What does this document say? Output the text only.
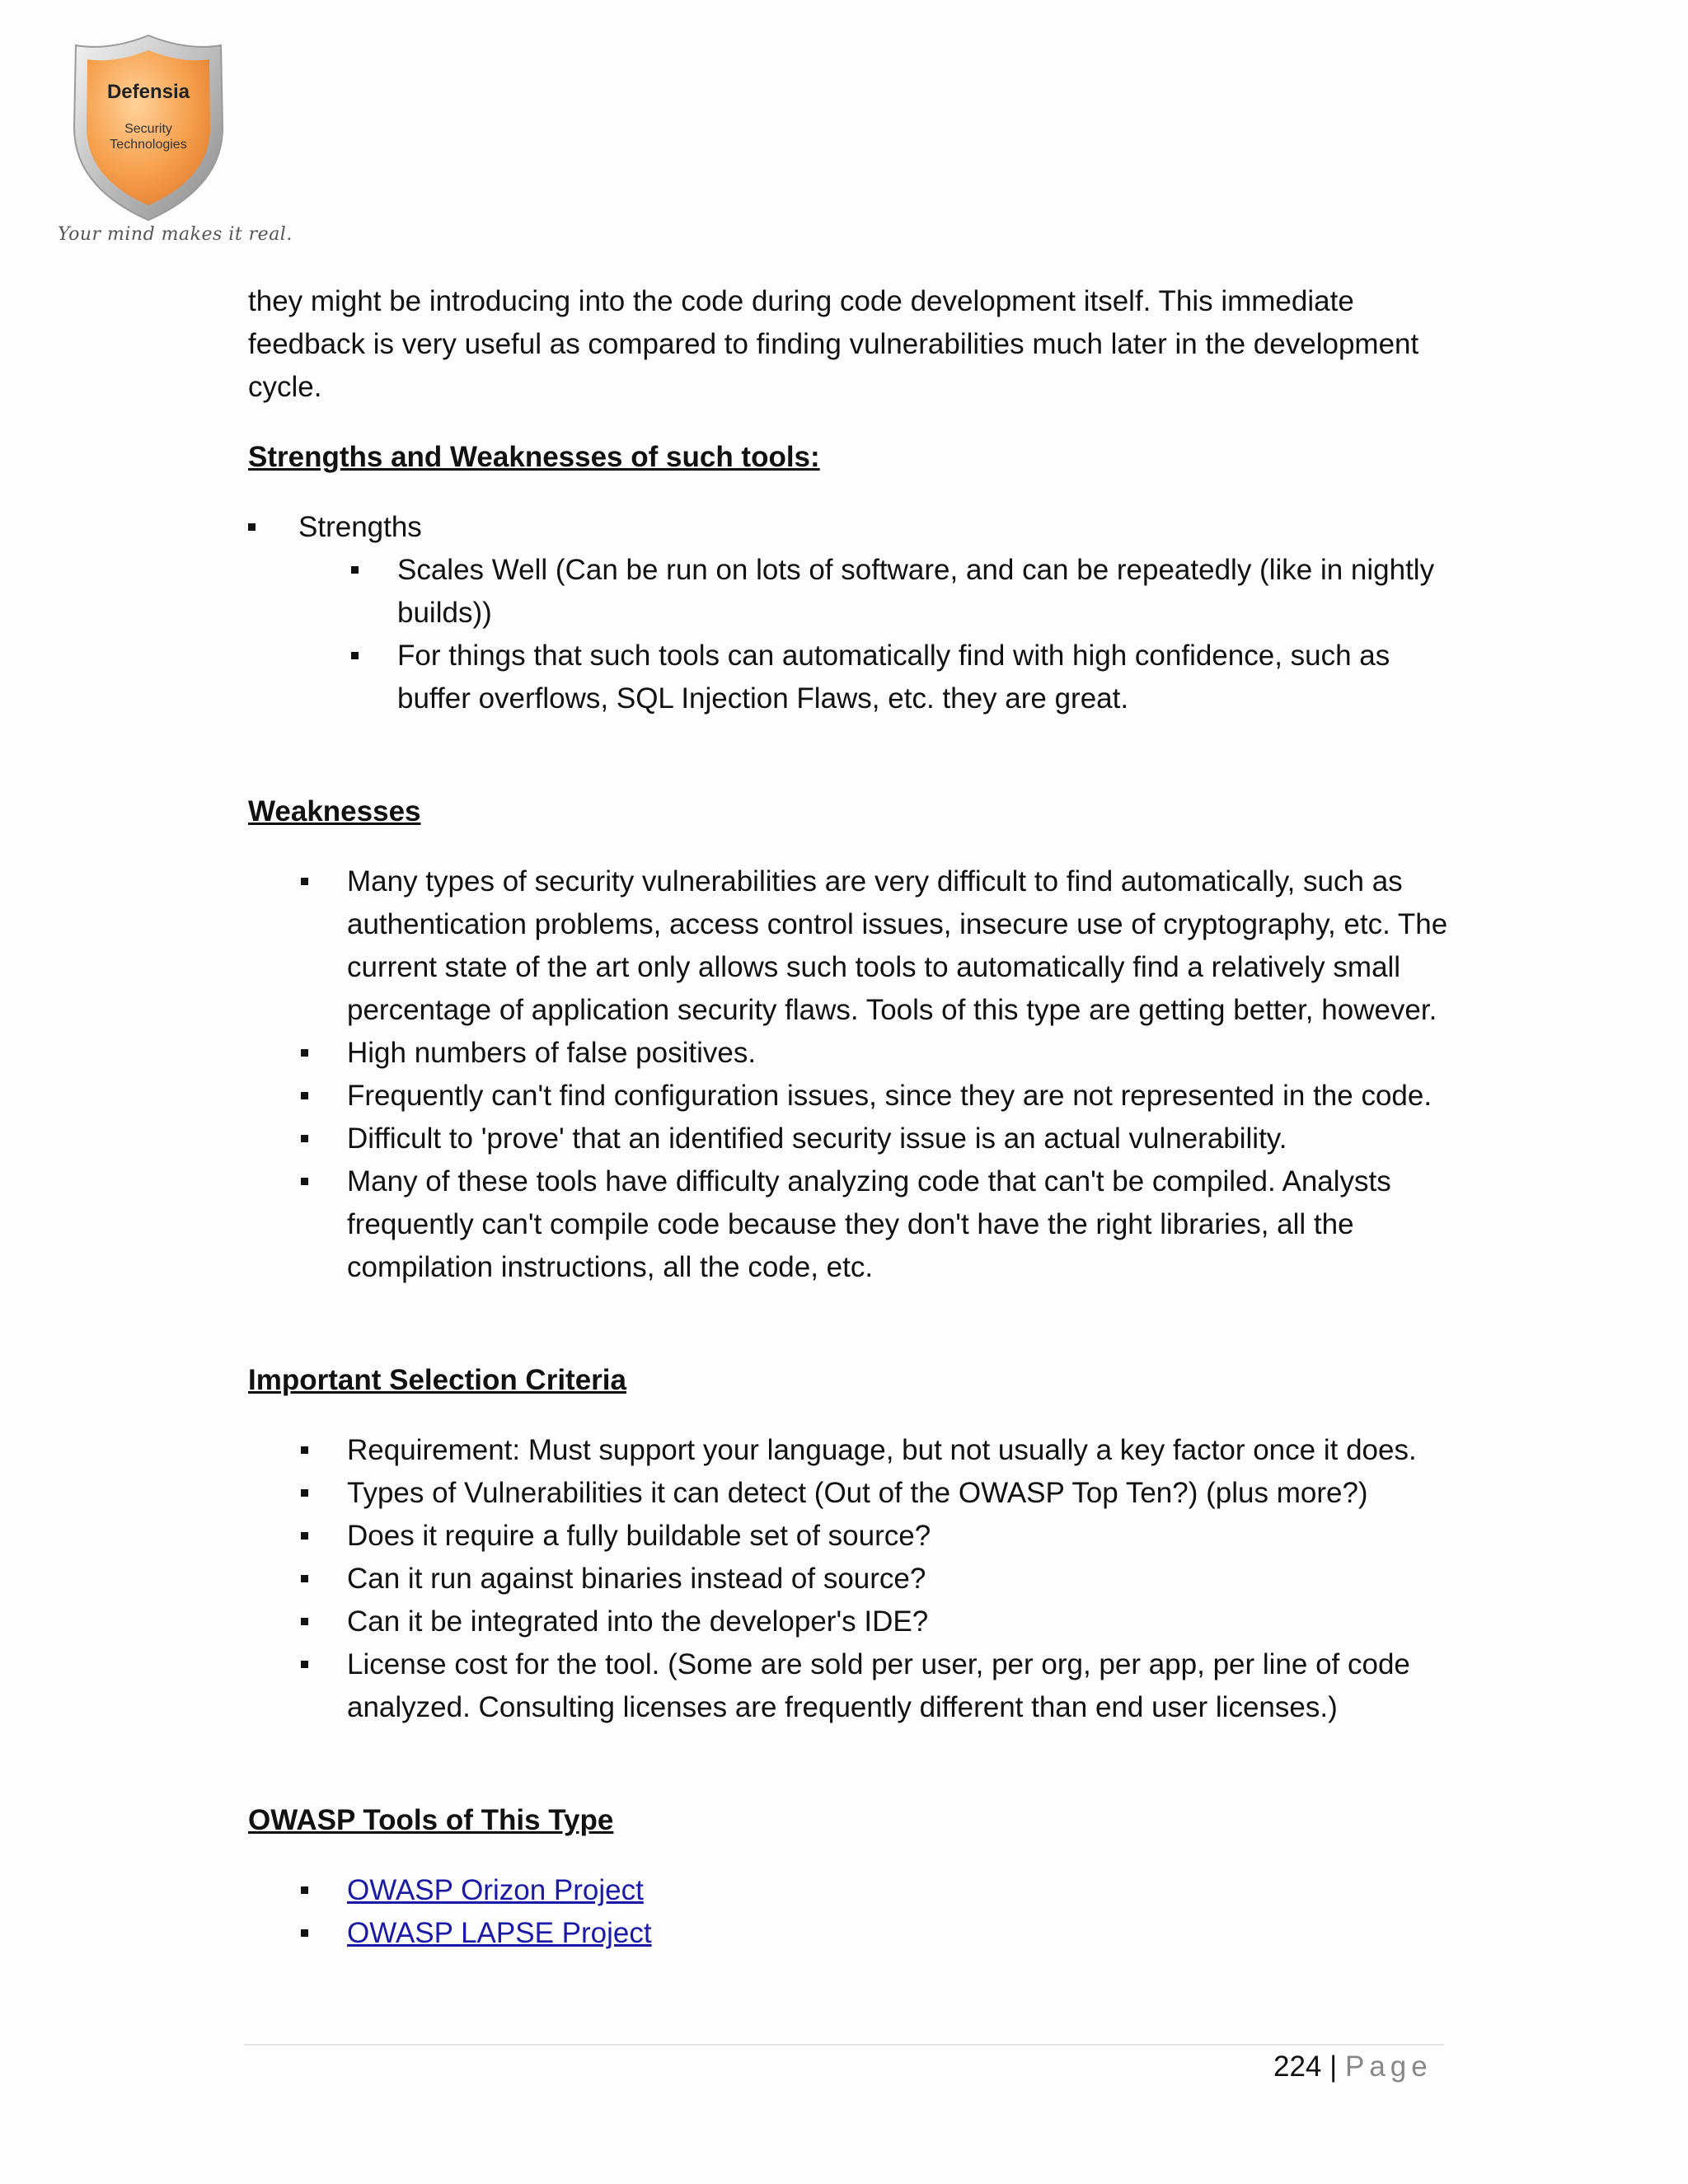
Defensia
Security
Technologies
Your mind makes it real.

they might be introducing into the code during code development itself. This immediate

feedback is very useful as compared to finding vulnerabilities much later in the development

cycle.

Strengths and Weaknesses of such tools:

Strengths
Scales Well (Can be run on lots of software, and can be repeatedly (like in nightly builds))
For things that such tools can automatically find with high confidence, such as buffer overflows, SQL Injection Flaws, etc. they are great.

Weaknesses

Many types of security vulnerabilities are very difficult to find automatically, such as authentication problems, access control issues, insecure use of cryptography, etc. The current state of the art only allows such tools to automatically find a relatively small percentage of application security flaws. Tools of this type are getting better, however.
High numbers of false positives.
Frequently can't find configuration issues, since they are not represented in the code.
Difficult to 'prove' that an identified security issue is an actual vulnerability.
Many of these tools have difficulty analyzing code that can't be compiled. Analysts frequently can't compile code because they don't have the right libraries, all the compilation instructions, all the code, etc.

Important Selection Criteria

Requirement: Must support your language, but not usually a key factor once it does.
Types of Vulnerabilities it can detect (Out of the OWASP Top Ten?) (plus more?)
Does it require a fully buildable set of source?
Can it run against binaries instead of source?
Can it be integrated into the developer's IDE?
License cost for the tool. (Some are sold per user, per org, per app, per line of code analyzed. Consulting licenses are frequently different than end user licenses.)

OWASP Tools of This Type

OWASP Orizon Project
OWASP LAPSE Project
224 | Page
